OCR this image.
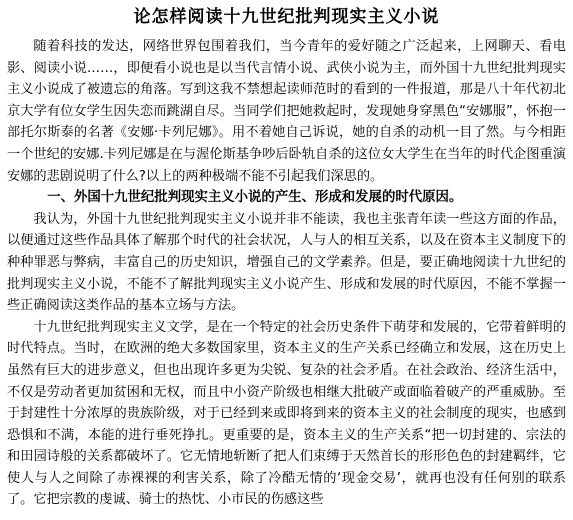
论怎样阅读十九世纪批判现实主义小说

随着科技的发达，网络世界包围着我们，当今青年的爱好随之广泛起来，上网聊天、看电影、阅读小说……，即便看小说也是以当代言情小说、武侠小说为主，而外国十九世纪批判现实主义小说成了被遗忘的角落。写到这我不禁想起读师范时的看到的一件报道，那是八十年代初北京大学有位女学生因失恋而跳湖自尽。当同学们把她救起时，发现她身穿黑色“安娜服”，怀抱一部托尔斯泰的名著《安娜·卡列尼娜》。用不着她自己诉说，她的自杀的动机一目了然。与今相距一个世纪的安娜.卡列尼娜是在与渥伦斯基争吵后卧轨自杀的这位女大学生在当年的时代企图重演安娜的悲剧说明了什么?以上的两种极端不能不引起我们深思的。

一、外国十九世纪批判现实主义小说的产生、形成和发展的时代原因。

我认为，外国十九世纪批判现实主义小说并非不能读，我也主张青年读一些这方面的作品，以便通过这些作品具体了解那个时代的社会状况，人与人的相互关系，以及在资本主义制度下的种种罪恶与弊病，丰富自己的历史知识，增强自己的文学素养。但是，要正确地阅读十九世纪的批判现实主义小说，不能不了解批判现实主义小说产生、形成和发展的时代原因，不能不掌握一些正确阅读这类作品的基本立场与方法。

十九世纪批判现实主义文学，是在一个特定的社会历史条件下萌芽和发展的，它带着鲜明的时代特点。当时，在欧洲的绝大多数国家里，资本主义的生产关系已经确立和发展，这在历史上虽然有巨大的进步意义，但也出现许多更为尖锐、复杂的社会矛盾。在社会政治、经济生活中，不仅是劳动者更加贫困和无权，而且中小资产阶级也相继大批破产或面临着破产的严重威胁。至于封建性十分浓厚的贵族阶级，对于已经到来或即将到来的资本主义的社会制度的现实，也感到恐惧和不满，本能的进行垂死挣扎。更重要的是，资本主义的生产关系“把一切封建的、宗法的和田园诗般的关系都破坏了。它无情地斩断了把人们束缚于天然首长的形形色色的封建羁绊，它使人与人之间除了赤裸裸的利害关系，除了冷酷无情的‘现金交易’，就再也没有任何别的联系了。它把宗教的虔诚、骑士的热忱、小市民的伤感这些
